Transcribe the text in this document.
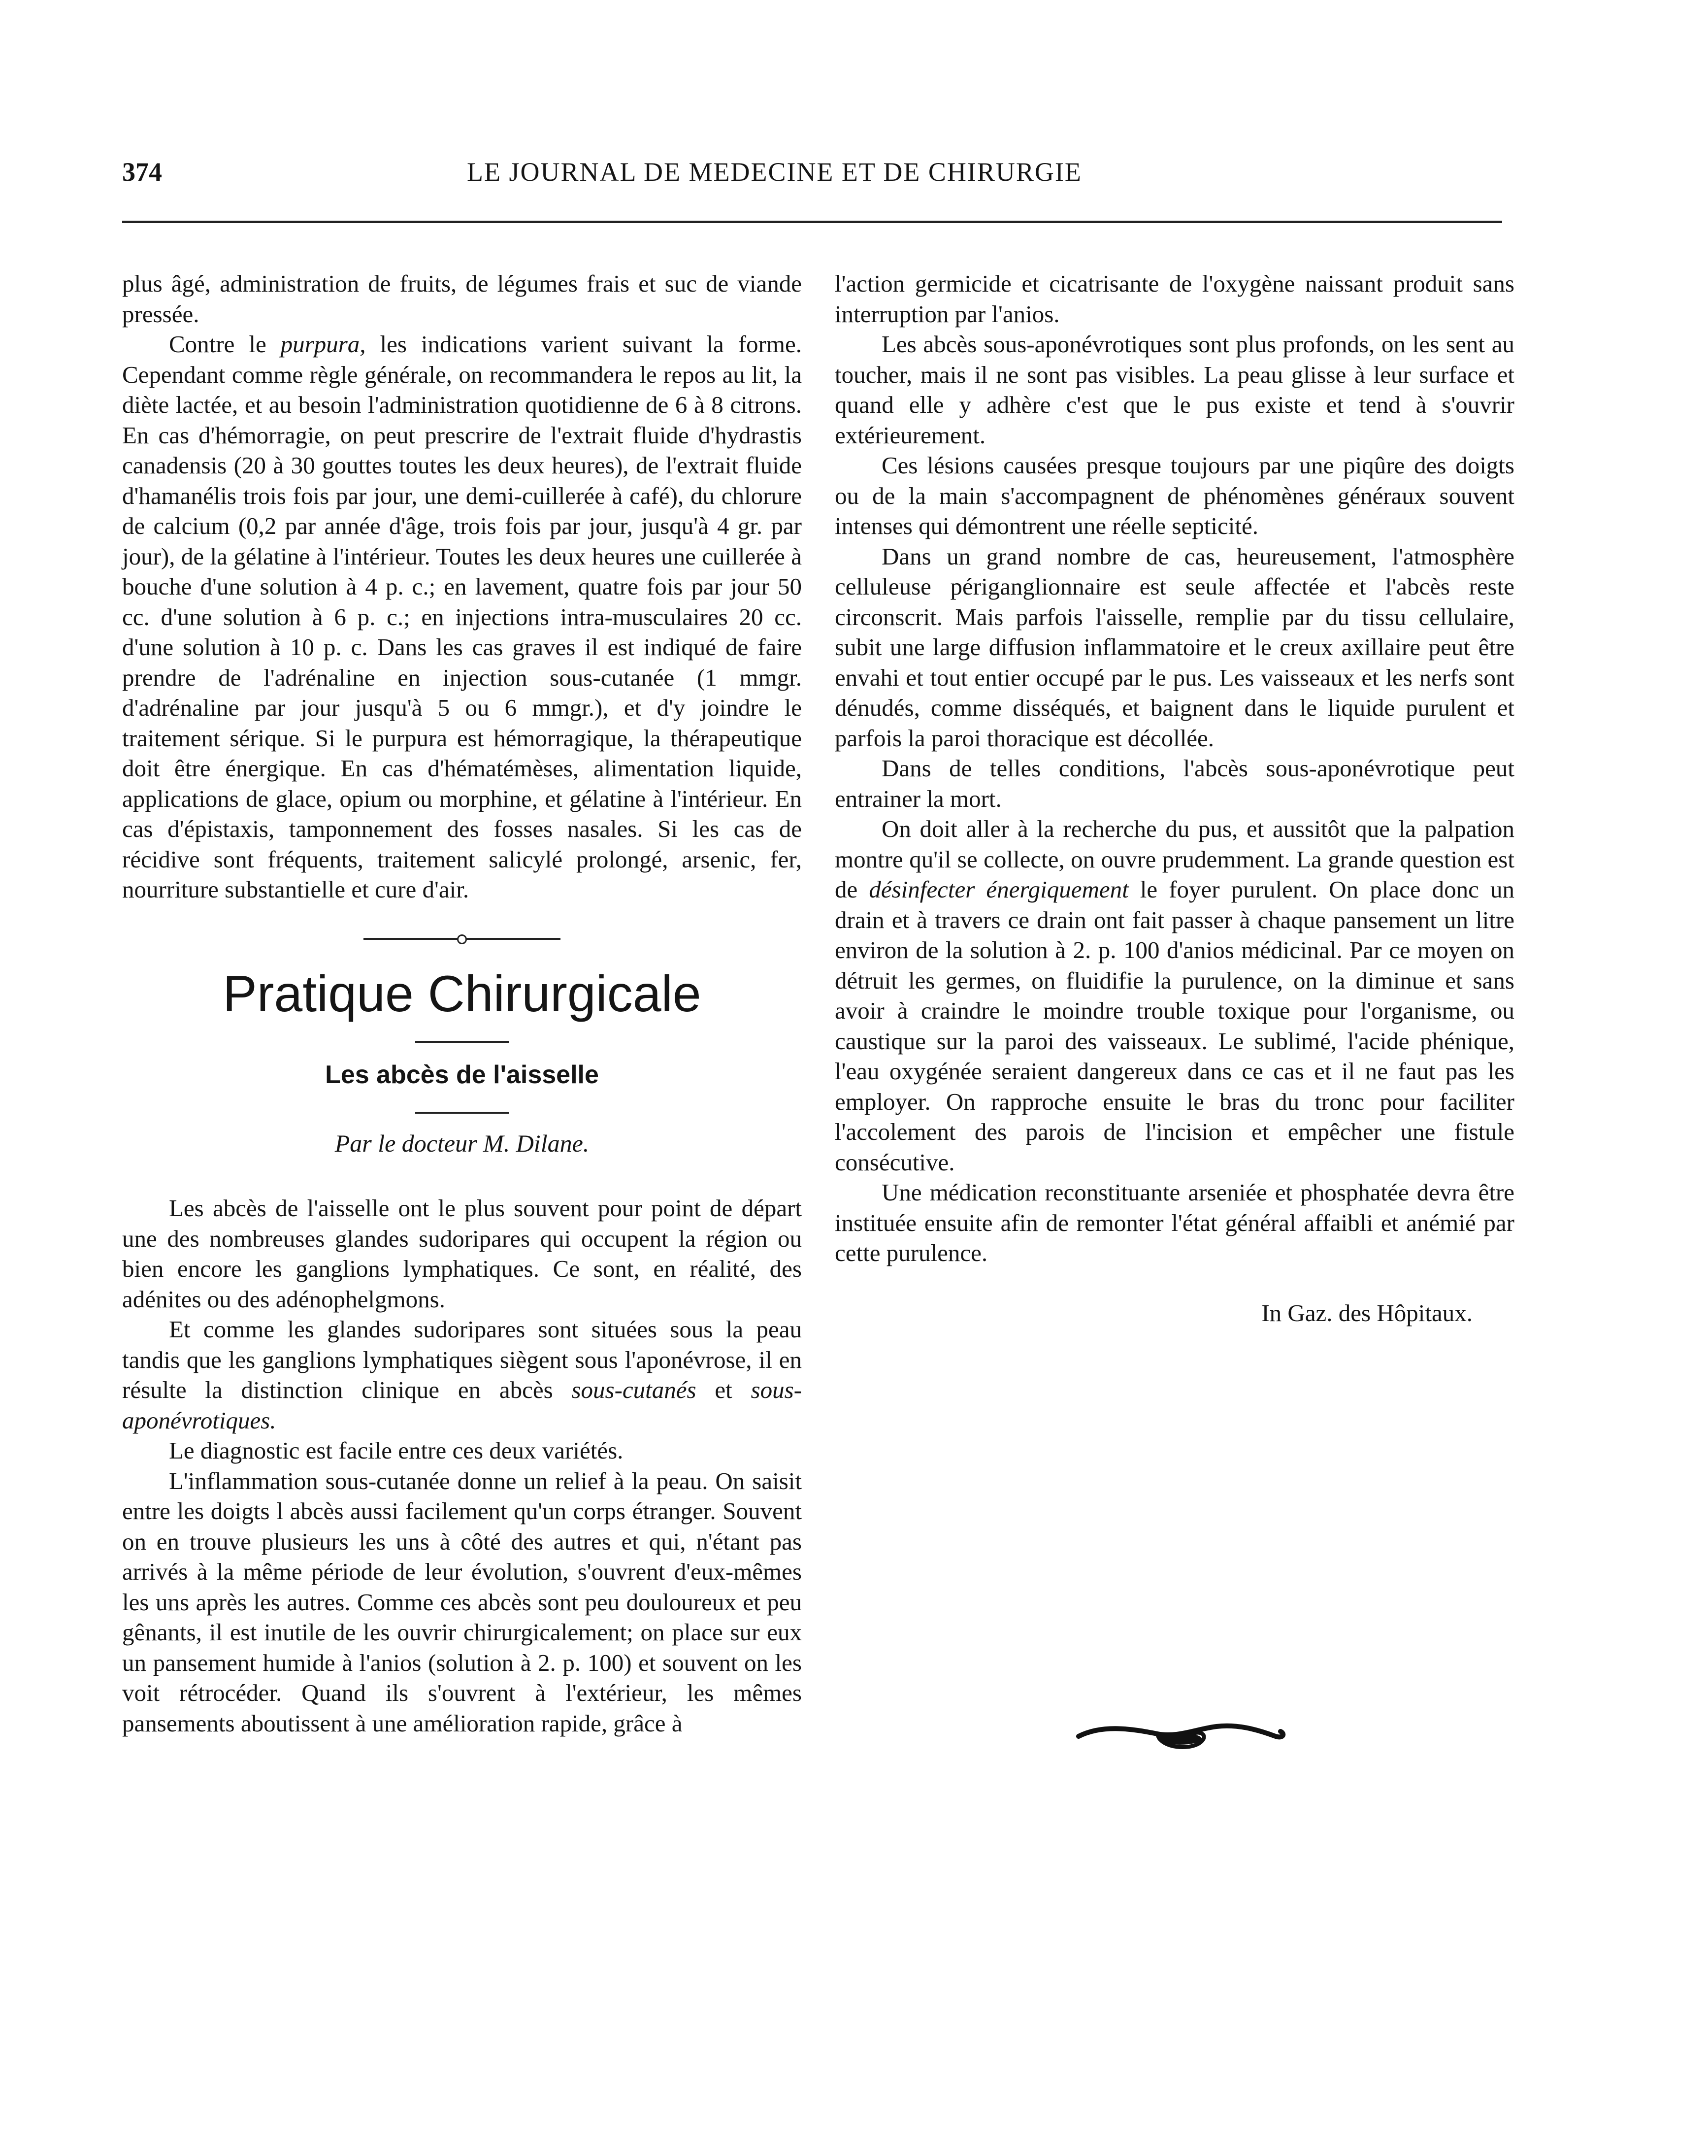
374	LE JOURNAL DE MEDECINE ET DE CHIRURGIE

plus âgé, administration de fruits, de légumes frais et suc de viande pressée.

Contre le purpura, les indications varient suivant la forme. Cependant comme règle générale, on recommandera le repos au lit, la diète lactée, et au besoin l'administration quotidienne de 6 à 8 citrons. En cas d'hémorragie, on peut prescrire de l'extrait fluide d'hydrastis canadensis (20 à 30 gouttes toutes les deux heures), de l'extrait fluide d'hamanélis trois fois par jour, une demi-cuillerée à café), du chlorure de calcium (0,2 par année d'âge, trois fois par jour, jusqu'à 4 gr. par jour), de la gélatine à l'intérieur. Toutes les deux heures une cuillerée à bouche d'une solution à 4 p. c.; en lavement, quatre fois par jour 50 cc. d'une solution à 6 p. c.; en injections intra-musculaires 20 cc. d'une solution à 10 p. c. Dans les cas graves il est indiqué de faire prendre de l'adrénaline en injection sous-cutanée (1 mmgr. d'adrénaline par jour jusqu'à 5 ou 6 mmgr.), et d'y joindre le traitement sérique. Si le purpura est hémorragique, la thérapeutique doit être énergique. En cas d'hématémèses, alimentation liquide, applications de glace, opium ou morphine, et gélatine à l'intérieur. En cas d'épistaxis, tamponnement des fosses nasales. Si les cas de récidive sont fréquents, traitement salicylé prolongé, arsenic, fer, nourriture substantielle et cure d'air.

Pratique Chirurgicale
Les abcès de l'aisselle
Par le docteur M. Dilane.

Les abcès de l'aisselle ont le plus souvent pour point de départ une des nombreuses glandes sudoripares qui occupent la région ou bien encore les ganglions lymphatiques. Ce sont, en réalité, des adénites ou des adénophelgmons.

Et comme les glandes sudoripares sont situées sous la peau tandis que les ganglions lymphatiques siègent sous l'aponévrose, il en résulte la distinction clinique en abcès sous-cutanés et sous-aponévrotiques.

Le diagnostic est facile entre ces deux variétés.

L'inflammation sous-cutanée donne un relief à la peau. On saisit entre les doigts l abcès aussi facilement qu'un corps étranger. Souvent on en trouve plusieurs les uns à côté des autres et qui, n'étant pas arrivés à la même période de leur évolution, s'ouvrent d'eux-mêmes les uns après les autres. Comme ces abcès sont peu douloureux et peu gênants, il est inutile de les ouvrir chirurgicalement; on place sur eux un pansement humide à l'anios (solution à 2. p. 100) et souvent on les voit rétrocéder. Quand ils s'ouvrent à l'extérieur, les mêmes pansements aboutissent à une amélioration rapide, grâce à

l'action germicide et cicatrisante de l'oxygène naissant produit sans interruption par l'anios.

Les abcès sous-aponévrotiques sont plus profonds, on les sent au toucher, mais il ne sont pas visibles. La peau glisse à leur surface et quand elle y adhère c'est que le pus existe et tend à s'ouvrir extérieurement.

Ces lésions causées presque toujours par une piqûre des doigts ou de la main s'accompagnent de phénomènes généraux souvent intenses qui démontrent une réelle septicité.

Dans un grand nombre de cas, heureusement, l'atmosphère celluleuse périganglionnaire est seule affectée et l'abcès reste circonscrit. Mais parfois l'aisselle, remplie par du tissu cellulaire, subit une large diffusion inflammatoire et le creux axillaire peut être envahi et tout entier occupé par le pus. Les vaisseaux et les nerfs sont dénudés, comme disséqués, et baignent dans le liquide purulent et parfois la paroi thoracique est décollée.

Dans de telles conditions, l'abcès sous-aponévrotique peut entrainer la mort.

On doit aller à la recherche du pus, et aussitôt que la palpation montre qu'il se collecte, on ouvre prudemment. La grande question est de désinfecter énergiquement le foyer purulent. On place donc un drain et à travers ce drain ont fait passer à chaque pansement un litre environ de la solution à 2. p. 100 d'anios médicinal. Par ce moyen on détruit les germes, on fluidifie la purulence, on la diminue et sans avoir à craindre le moindre trouble toxique pour l'organisme, ou caustique sur la paroi des vaisseaux. Le sublimé, l'acide phénique, l'eau oxygénée seraient dangereux dans ce cas et il ne faut pas les employer. On rapproche ensuite le bras du tronc pour faciliter l'accolement des parois de l'incision et empêcher une fistule consécutive.

Une médication reconstituante arseniée et phosphatée devra être instituée ensuite afin de remonter l'état général affaibli et anémié par cette purulence.

In Gaz. des Hôpitaux.
